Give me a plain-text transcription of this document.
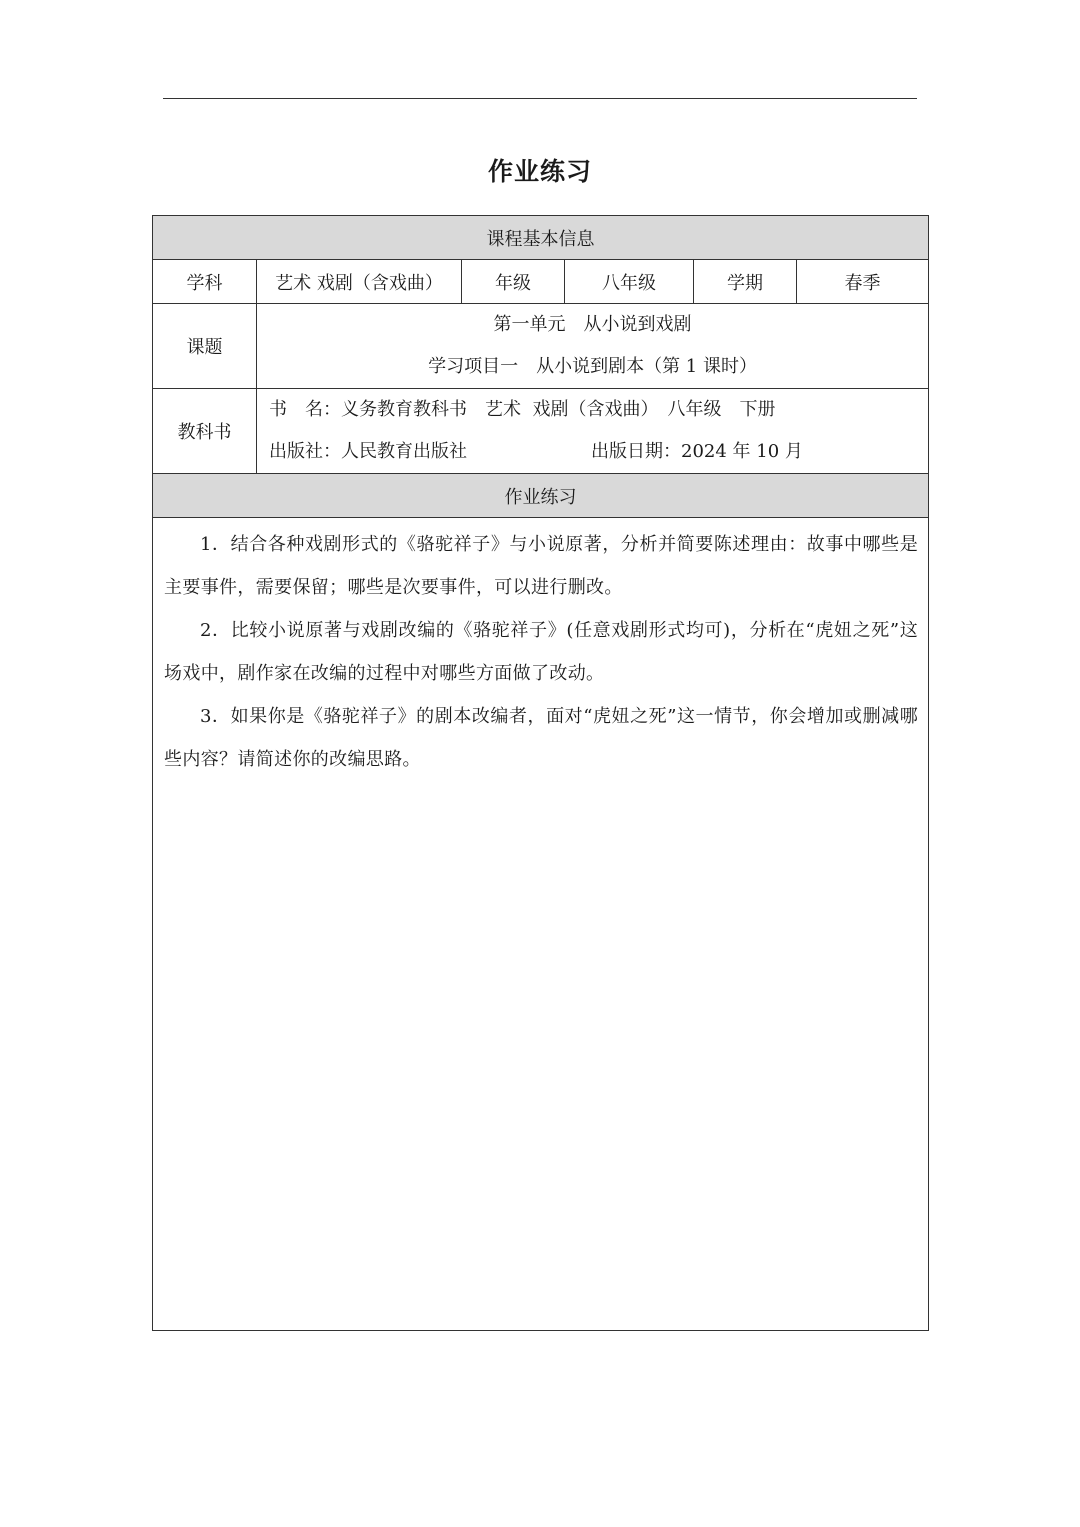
作业练习
课程基本信息					
学科	艺术 戏剧（含戏曲）	年级	八年级	学期	春季
课题	第一单元　从小说到戏剧
学习项目一　从小说到剧本（第 1 课时）				

教科书	书　名：义务教育教科书　艺术  戏剧（含戏曲）　八年级　下册
出版社：人民教育出版社 出版日期：2024 年 10 月				

作业练习					

1．结合各种戏剧形式的《骆驼祥子》与小说原著，分析并简要陈述理由：故事中哪些是主要事件，需要保留；哪些是次要事件，可以进行删改。

2．比较小说原著与戏剧改编的《骆驼祥子》(任意戏剧形式均可)，分析在“虎妞之死”这场戏中，剧作家在改编的过程中对哪些方面做了改动。

3．如果你是《骆驼祥子》的剧本改编者，面对“虎妞之死”这一情节，你会增加或删减哪些内容？请简述你的改编思路。					
